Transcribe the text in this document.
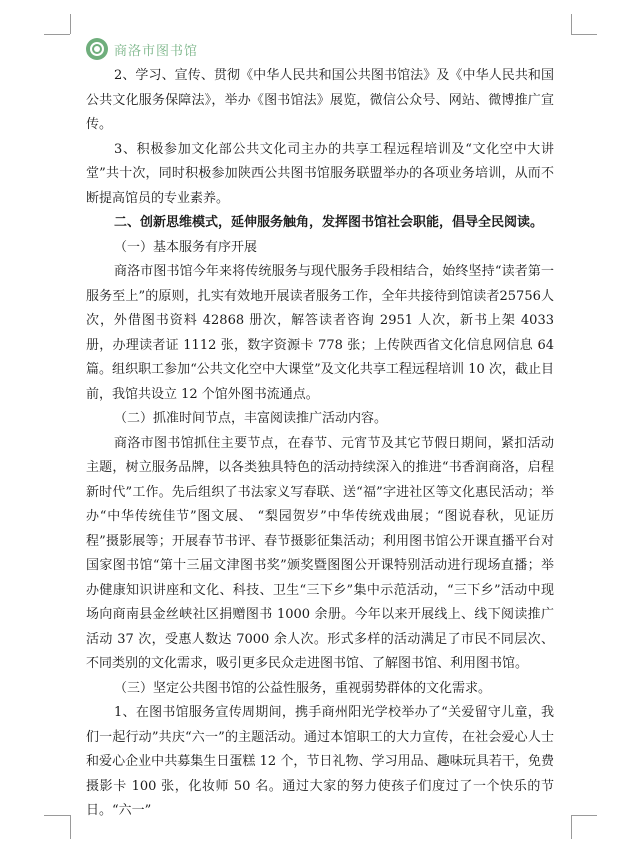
商洛市图书馆

2、学习、宣传、贯彻《中华人民共和国公共图书馆法》及《中华人民共和国公共文化服务保障法》，举办《图书馆法》展览，微信公众号、网站、微博推广宣传。

3、积极参加文化部公共文化司主办的共享工程远程培训及“文化空中大讲堂”共十次，同时积极参加陕西公共图书馆服务联盟举办的各项业务培训，从而不断提高馆员的专业素养。

二、创新思维模式，延伸服务触角，发挥图书馆社会职能，倡导全民阅读。

（一）基本服务有序开展

商洛市图书馆今年来将传统服务与现代服务手段相结合，始终坚持“读者第一 服务至上”的原则，扎实有效地开展读者服务工作，全年共接待到馆读者25756人次，外借图书资料 42868 册次，解答读者咨询 2951 人次，新书上架 4033 册，办理读者证 1112 张，数字资源卡 778 张；上传陕西省文化信息网信息 64 篇。组织职工参加“公共文化空中大课堂”及文化共享工程远程培训 10 次，截止目前，我馆共设立 12 个馆外图书流通点。

（二）抓准时间节点，丰富阅读推广活动内容。

商洛市图书馆抓住主要节点，在春节、元宵节及其它节假日期间，紧扣活动主题，树立服务品牌，以各类独具特色的活动持续深入的推进“书香润商洛，启程新时代”工作。先后组织了书法家义写春联、送“福”字进社区等文化惠民活动；举办“中华传统佳节”图文展、 “梨园贺岁”中华传统戏曲展；“图说春秋，见证历程”摄影展等；开展春节书评、春节摄影征集活动；利用图书馆公开课直播平台对国家图书馆“第十三届文津图书奖”颁奖暨图图公开课特别活动进行现场直播；举办健康知识讲座和文化、科技、卫生“三下乡”集中示范活动，“三下乡”活动中现场向商南县金丝峡社区捐赠图书 1000 余册。今年以来开展线上、线下阅读推广活动 37 次，受惠人数达 7000 余人次。形式多样的活动满足了市民不同层次、不同类别的文化需求，吸引更多民众走进图书馆、了解图书馆、利用图书馆。

（三）坚定公共图书馆的公益性服务，重视弱势群体的文化需求。

1、在图书馆服务宣传周期间，携手商州阳光学校举办了“关爱留守儿童，我们一起行动”共庆“六一”的主题活动。通过本馆职工的大力宣传，在社会爱心人士和爱心企业中共募集生日蛋糕 12 个，节日礼物、学习用品、趣味玩具若干，免费摄影卡 100 张，化妆师 50 名。通过大家的努力使孩子们度过了一个快乐的节日。“六一”
